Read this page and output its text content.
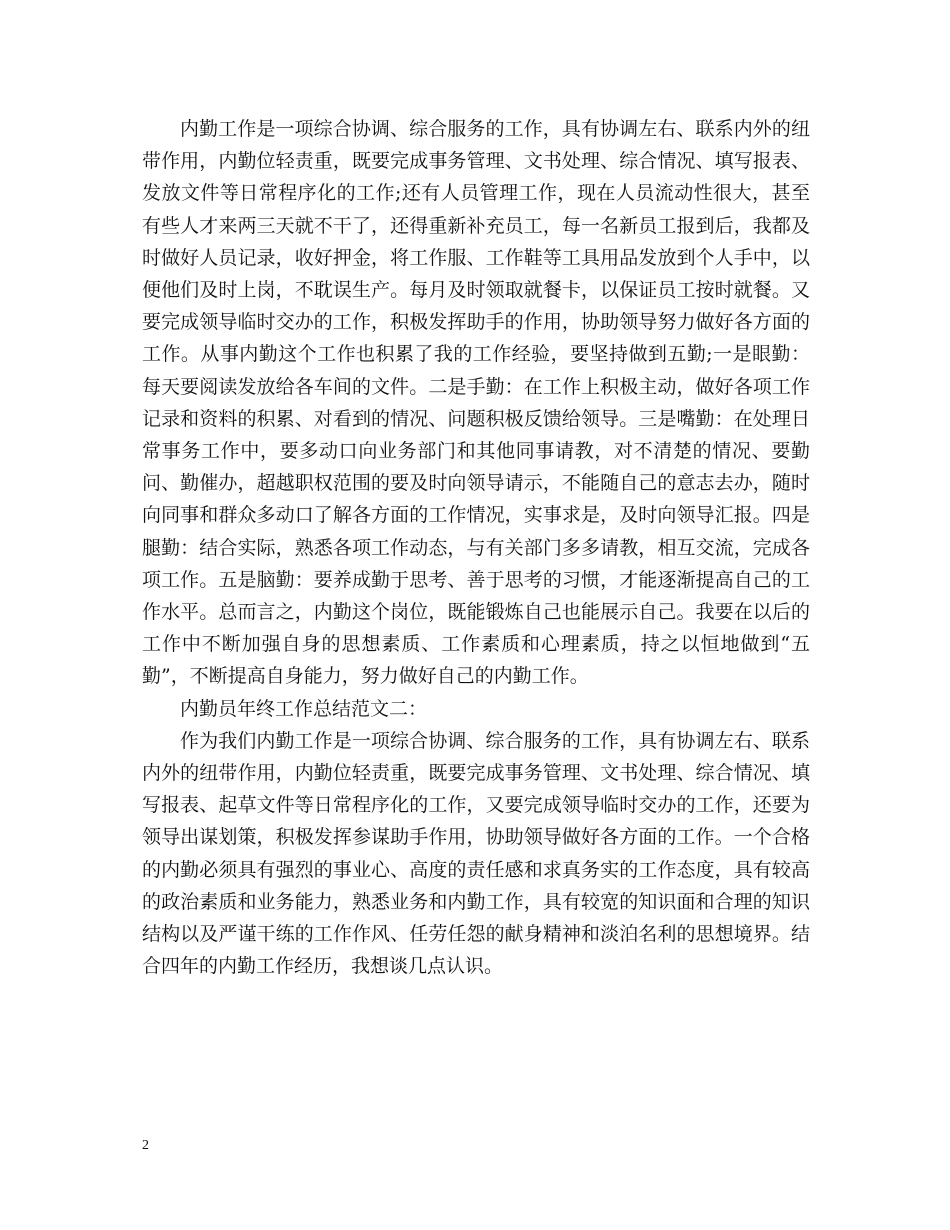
内勤工作是一项综合协调、综合服务的工作，具有协调左右、联系内外的纽带作用，内勤位轻责重，既要完成事务管理、文书处理、综合情况、填写报表、发放文件等日常程序化的工作;还有人员管理工作，现在人员流动性很大，甚至有些人才来两三天就不干了，还得重新补充员工，每一名新员工报到后，我都及时做好人员记录，收好押金，将工作服、工作鞋等工具用品发放到个人手中，以便他们及时上岗，不耽误生产。每月及时领取就餐卡，以保证员工按时就餐。又要完成领导临时交办的工作，积极发挥助手的作用，协助领导努力做好各方面的工作。从事内勤这个工作也积累了我的工作经验，要坚持做到五勤;一是眼勤：每天要阅读发放给各车间的文件。二是手勤：在工作上积极主动，做好各项工作记录和资料的积累、对看到的情况、问题积极反馈给领导。三是嘴勤：在处理日常事务工作中，要多动口向业务部门和其他同事请教，对不清楚的情况、要勤问、勤催办，超越职权范围的要及时向领导请示，不能随自己的意志去办，随时向同事和群众多动口了解各方面的工作情况，实事求是，及时向领导汇报。四是腿勤：结合实际，熟悉各项工作动态，与有关部门多多请教，相互交流，完成各项工作。五是脑勤：要养成勤于思考、善于思考的习惯，才能逐渐提高自己的工作水平。总而言之，内勤这个岗位，既能锻炼自己也能展示自己。我要在以后的工作中不断加强自身的思想素质、工作素质和心理素质，持之以恒地做到“五勤”，不断提高自身能力，努力做好自己的内勤工作。

内勤员年终工作总结范文二：

作为我们内勤工作是一项综合协调、综合服务的工作，具有协调左右、联系内外的纽带作用，内勤位轻责重，既要完成事务管理、文书处理、综合情况、填写报表、起草文件等日常程序化的工作，又要完成领导临时交办的工作，还要为领导出谋划策，积极发挥参谋助手作用，协助领导做好各方面的工作。一个合格的内勤必须具有强烈的事业心、高度的责任感和求真务实的工作态度，具有较高的政治素质和业务能力，熟悉业务和内勤工作，具有较宽的知识面和合理的知识结构以及严谨干练的工作作风、任劳任怨的献身精神和淡泊名利的思想境界。结合四年的内勤工作经历，我想谈几点认识。

2
